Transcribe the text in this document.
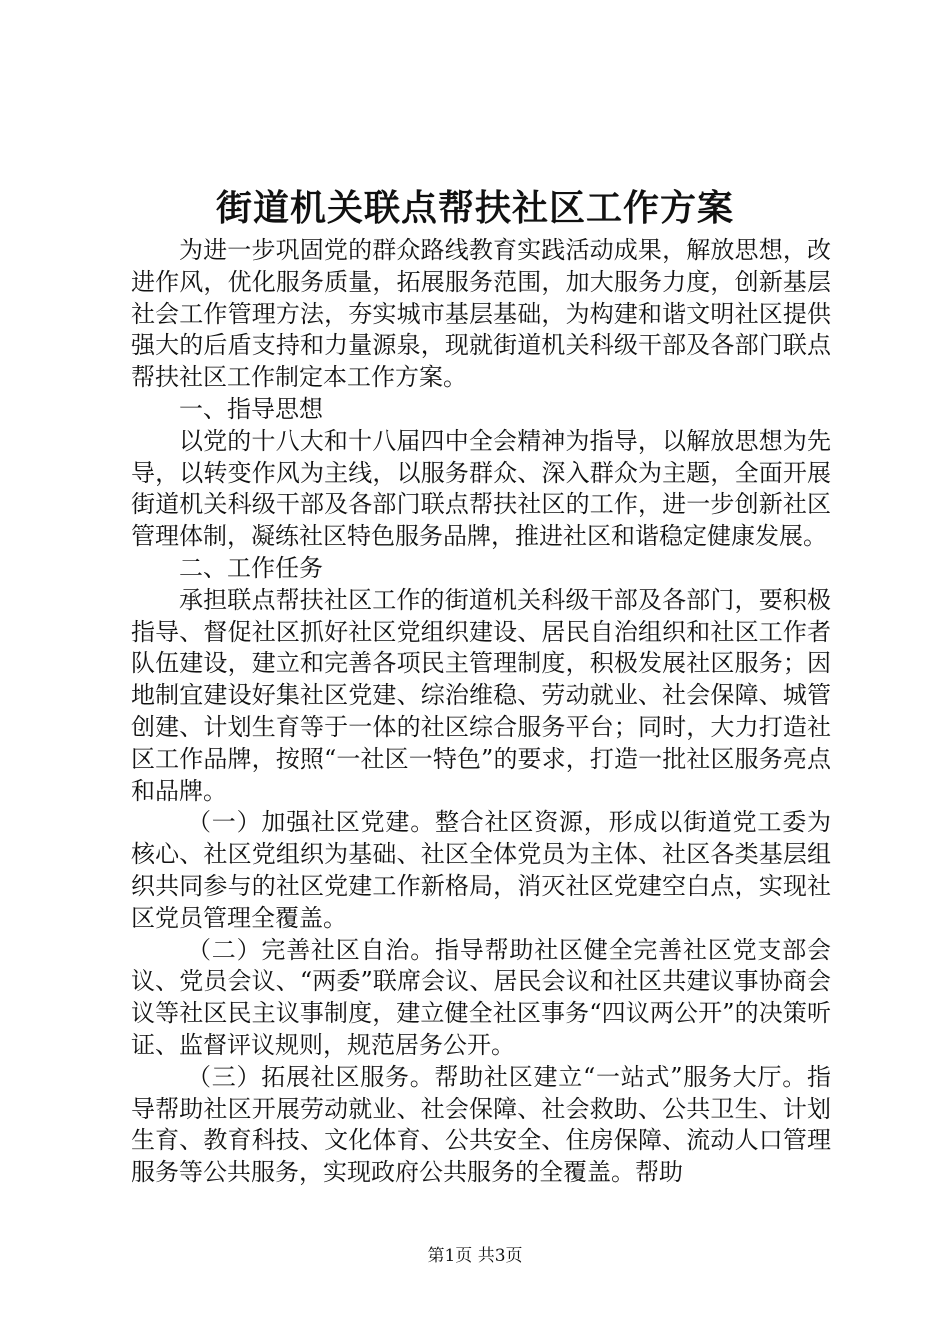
街道机关联点帮扶社区工作方案

为进一步巩固党的群众路线教育实践活动成果，解放思想，改进作风，优化服务质量，拓展服务范围，加大服务力度，创新基层社会工作管理方法，夯实城市基层基础，为构建和谐文明社区提供强大的后盾支持和力量源泉，现就街道机关科级干部及各部门联点帮扶社区工作制定本工作方案。

一、指导思想

以党的十八大和十八届四中全会精神为指导，以解放思想为先导，以转变作风为主线，以服务群众、深入群众为主题，全面开展街道机关科级干部及各部门联点帮扶社区的工作，进一步创新社区管理体制，凝练社区特色服务品牌，推进社区和谐稳定健康发展。

二、工作任务

承担联点帮扶社区工作的街道机关科级干部及各部门，要积极指导、督促社区抓好社区党组织建设、居民自治组织和社区工作者队伍建设，建立和完善各项民主管理制度，积极发展社区服务；因地制宜建设好集社区党建、综治维稳、劳动就业、社会保障、城管创建、计划生育等于一体的社区综合服务平台；同时，大力打造社区工作品牌，按照“一社区一特色”的要求，打造一批社区服务亮点和品牌。

（一）加强社区党建。整合社区资源，形成以街道党工委为核心、社区党组织为基础、社区全体党员为主体、社区各类基层组织共同参与的社区党建工作新格局，消灭社区党建空白点，实现社区党员管理全覆盖。

（二）完善社区自治。指导帮助社区健全完善社区党支部会议、党员会议、“两委”联席会议、居民会议和社区共建议事协商会议等社区民主议事制度，建立健全社区事务“四议两公开”的决策听证、监督评议规则，规范居务公开。

（三）拓展社区服务。帮助社区建立“一站式”服务大厅。指导帮助社区开展劳动就业、社会保障、社会救助、公共卫生、计划生育、教育科技、文化体育、公共安全、住房保障、流动人口管理服务等公共服务，实现政府公共服务的全覆盖。帮助

第1页 共3页
